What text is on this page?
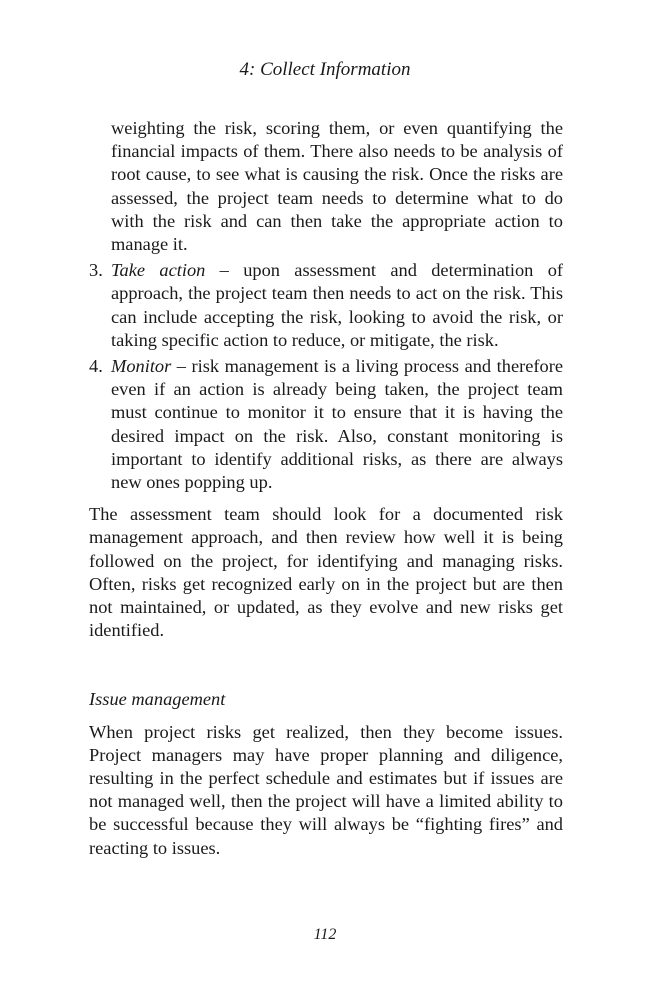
4: Collect Information

weighting the risk, scoring them, or even quantifying the financial impacts of them. There also needs to be analysis of root cause, to see what is causing the risk. Once the risks are assessed, the project team needs to determine what to do with the risk and can then take the appropriate action to manage it.

3. Take action – upon assessment and determination of approach, the project team then needs to act on the risk. This can include accepting the risk, looking to avoid the risk, or taking specific action to reduce, or mitigate, the risk.

4. Monitor – risk management is a living process and therefore even if an action is already being taken, the project team must continue to monitor it to ensure that it is having the desired impact on the risk. Also, constant monitoring is important to identify additional risks, as there are always new ones popping up.

The assessment team should look for a documented risk management approach, and then review how well it is being followed on the project, for identifying and managing risks. Often, risks get recognized early on in the project but are then not maintained, or updated, as they evolve and new risks get identified.

Issue management

When project risks get realized, then they become issues. Project managers may have proper planning and diligence, resulting in the perfect schedule and estimates but if issues are not managed well, then the project will have a limited ability to be successful because they will always be “fighting fires” and reacting to issues.

112
